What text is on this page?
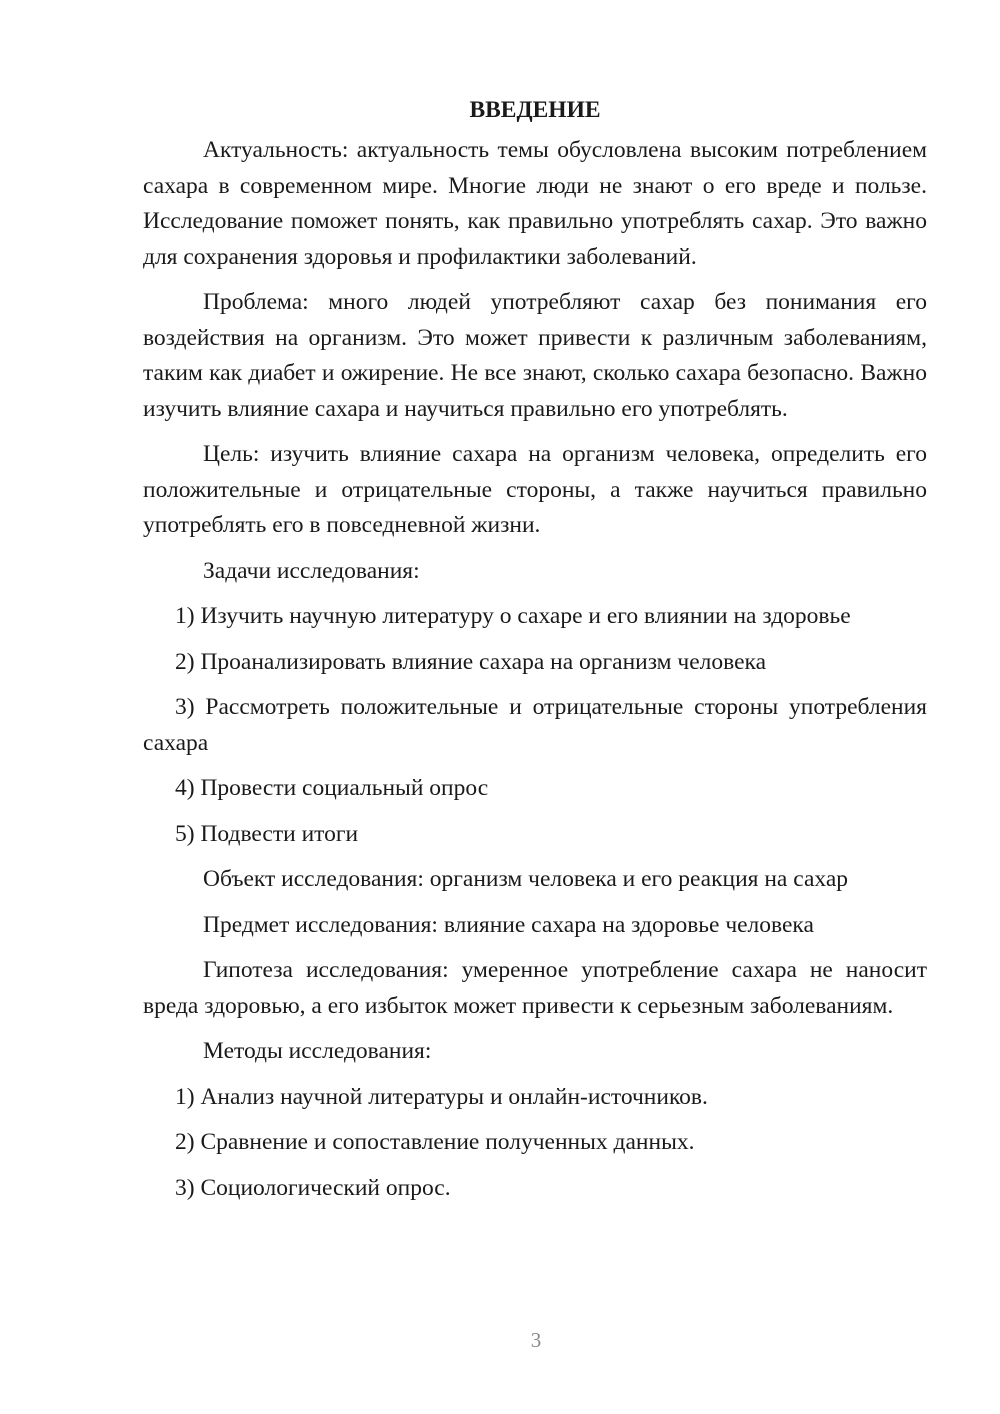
ВВЕДЕНИЕ
Актуальность: актуальность темы обусловлена высоким потреблением сахара в современном мире. Многие люди не знают о его вреде и пользе. Исследование поможет понять, как правильно употреблять сахар. Это важно для сохранения здоровья и профилактики заболеваний.
Проблема: много людей употребляют сахар без понимания его воздействия на организм. Это может привести к различным заболеваниям, таким как диабет и ожирение. Не все знают, сколько сахара безопасно. Важно изучить влияние сахара и научиться правильно его употреблять.
Цель: изучить влияние сахара на организм человека, определить его положительные и отрицательные стороны, а также научиться правильно употреблять его в повседневной жизни.
Задачи исследования:
1) Изучить научную литературу о сахаре и его влиянии на здоровье
2) Проанализировать влияние сахара на организм человека
3) Рассмотреть положительные и отрицательные стороны употребления сахара
4) Провести социальный опрос
5) Подвести итоги
Объект исследования: организм человека и его реакция на сахар
Предмет исследования: влияние сахара на здоровье человека
Гипотеза исследования: умеренное употребление сахара не наносит вреда здоровью, а его избыток может привести к серьезным заболеваниям.
Методы исследования:
1) Анализ научной литературы и онлайн-источников.
2) Сравнение и сопоставление полученных данных.
3) Социологический опрос.
3
